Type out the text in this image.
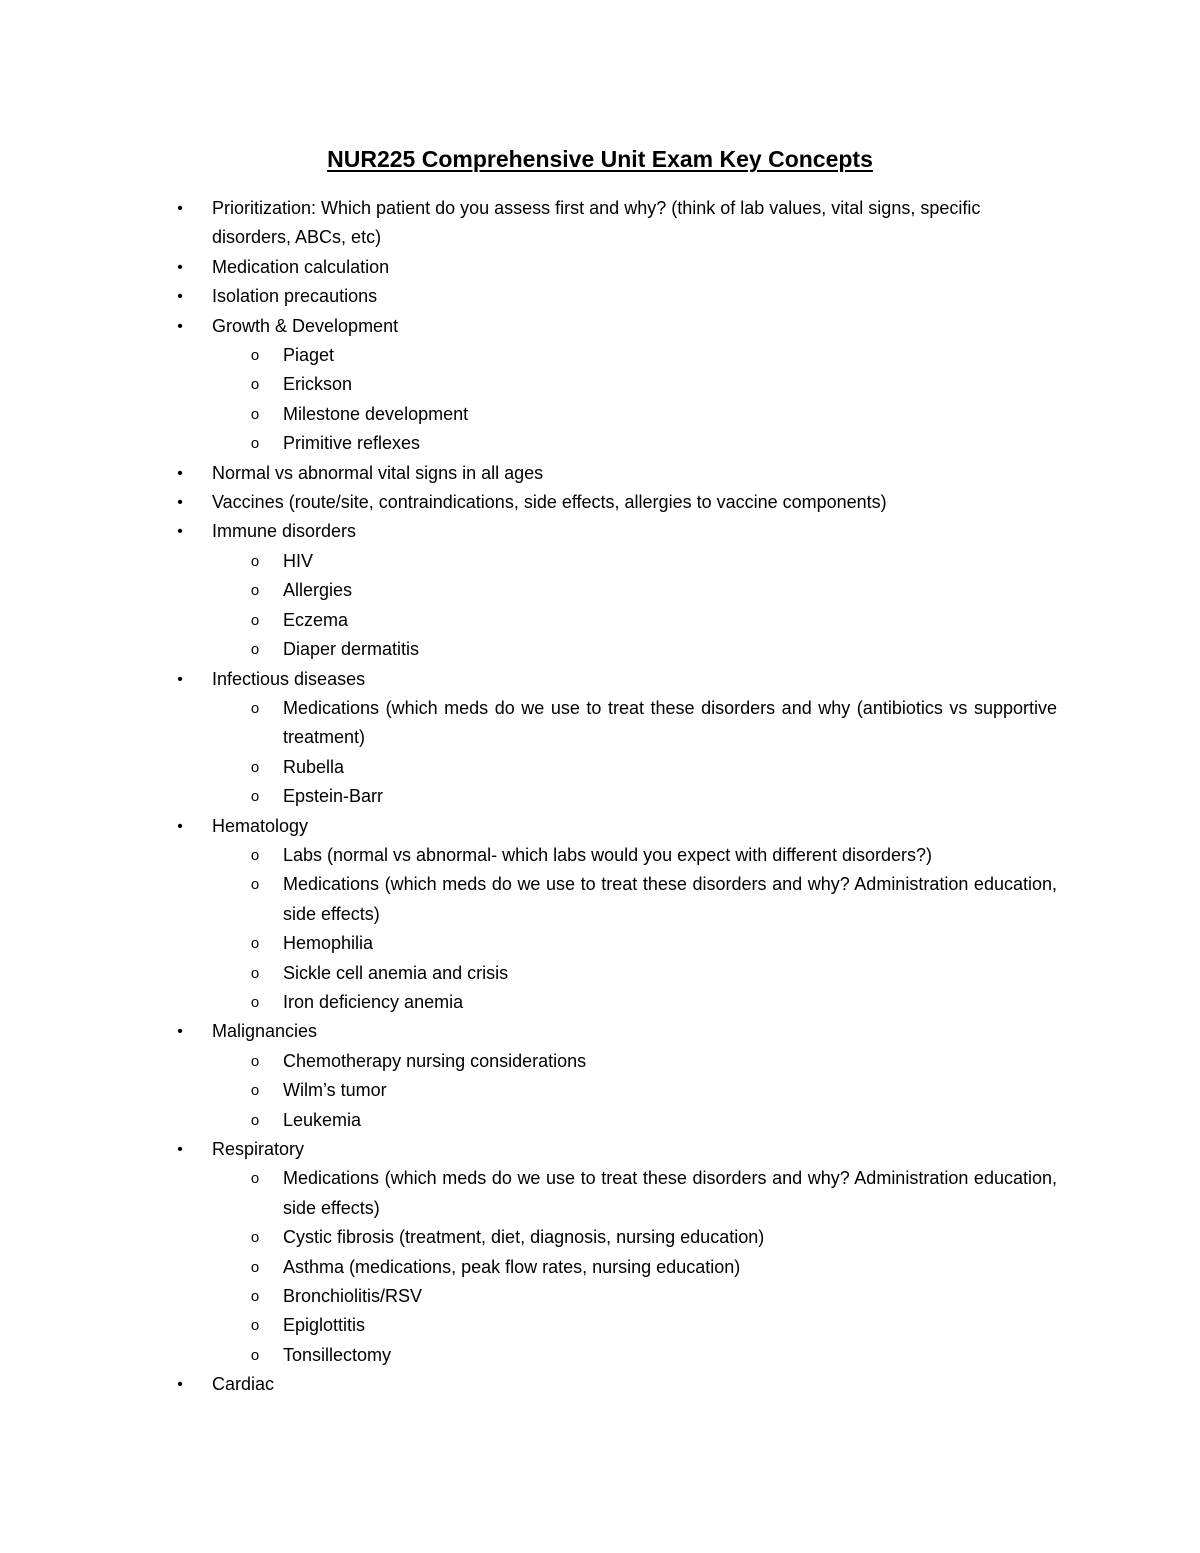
NUR225 Comprehensive Unit Exam Key Concepts
•	Prioritization: Which patient do you assess first and why? (think of lab values, vital signs, specific disorders, ABCs, etc)
•	Medication calculation
•	Isolation precautions
•	Growth & Development
o	Piaget
o	Erickson
o	Milestone development
o	Primitive reflexes
•	Normal vs abnormal vital signs in all ages
•	Vaccines (route/site, contraindications, side effects, allergies to vaccine components)
•	Immune disorders
o	HIV
o	Allergies
o	Eczema
o	Diaper dermatitis
•	Infectious diseases
o	Medications (which meds do we use to treat these disorders and why (antibiotics vs supportive treatment)
o	Rubella
o	Epstein-Barr
•	Hematology
o	Labs (normal vs abnormal- which labs would you expect with different disorders?)
o	Medications (which meds do we use to treat these disorders and why? Administration education, side effects)
o	Hemophilia
o	Sickle cell anemia and crisis
o	Iron deficiency anemia
•	Malignancies
o	Chemotherapy nursing considerations
o	Wilm’s tumor
o	Leukemia
•	Respiratory
o	Medications (which meds do we use to treat these disorders and why? Administration education, side effects)
o	Cystic fibrosis (treatment, diet, diagnosis, nursing education)
o	Asthma (medications, peak flow rates, nursing education)
o	Bronchiolitis/RSV
o	Epiglottitis
o	Tonsillectomy
•	Cardiac
